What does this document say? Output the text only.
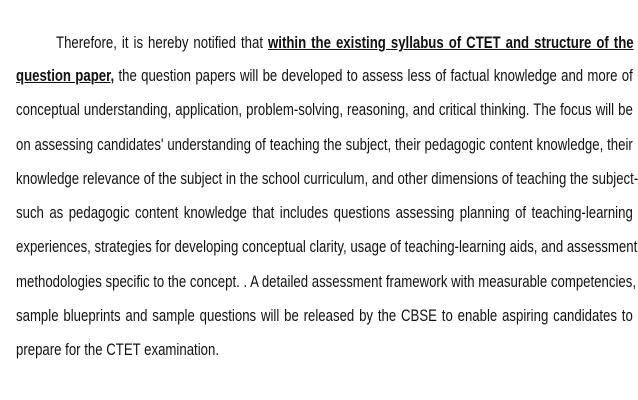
Therefore, it is hereby notified that within the existing syllabus of CTET and structure of the

question paper, the question papers will be developed to assess less of factual knowledge and more of

conceptual understanding, application, problem-solving, reasoning, and critical thinking. The focus will be

on assessing candidates' understanding of teaching the subject, their pedagogic content knowledge, their

knowledge relevance of the subject in the school curriculum, and other dimensions of teaching the subject-

such as pedagogic content knowledge that includes questions assessing planning of teaching-learning

experiences, strategies for developing conceptual clarity, usage of teaching-learning aids, and assessment

methodologies specific to the concept. . A detailed assessment framework with measurable competencies,

sample blueprints and sample questions will be released by the CBSE to enable aspiring candidates to

prepare for the CTET examination.
